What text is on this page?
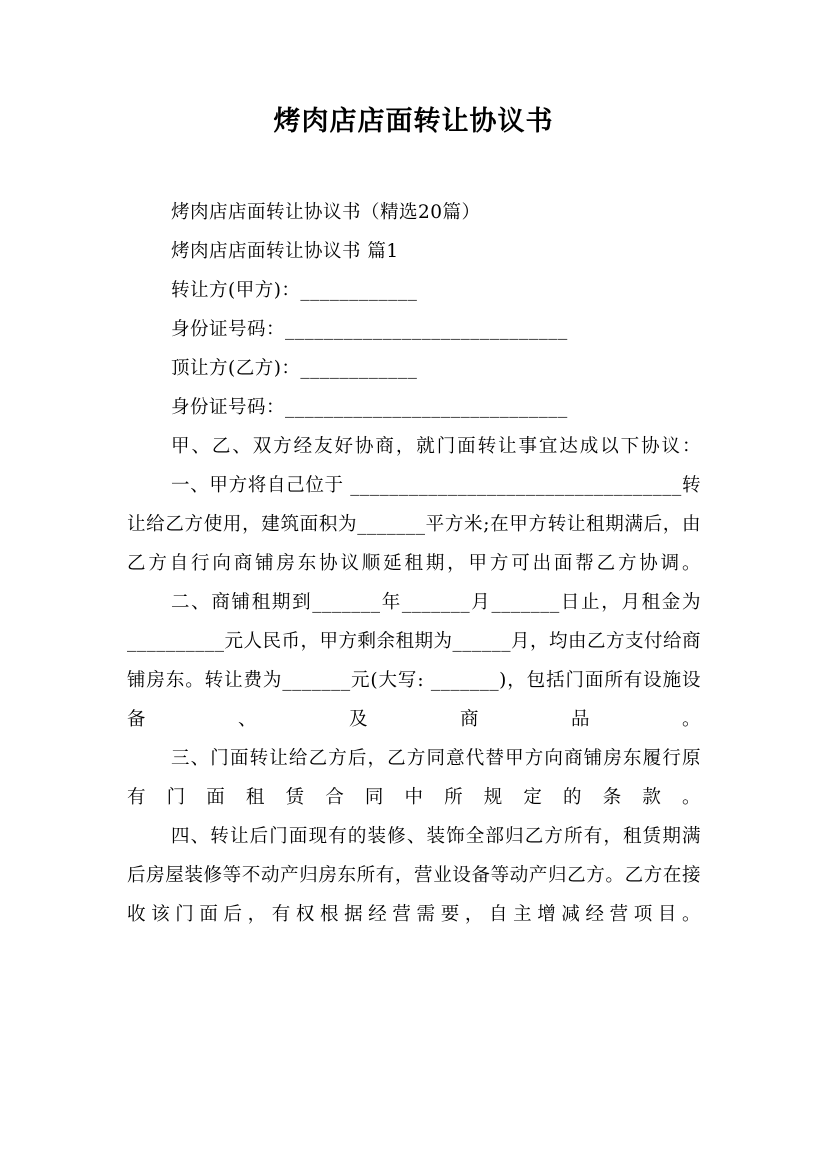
烤肉店店面转让协议书

烤肉店店面转让协议书（精选20篇）

烤肉店店面转让协议书 篇1

转让方(甲方)：____________

身份证号码：_____________________________

顶让方(乙方)：____________

身份证号码：_____________________________

甲、乙、双方经友好协商，就门面转让事宜达成以下协议：

一、甲方将自己位于 __________________________________转让给乙方使用，建筑面积为_______平方米;在甲方转让租期满后，由乙方自行向商铺房东协议顺延租期，甲方可出面帮乙方协调。

二、商铺租期到_______年_______月_______日止，月租金为__________元人民币，甲方剩余租期为______月，均由乙方支付给商铺房东。转让费为_______元(大写: _______)，包括门面所有设施设备、及商品。

三、门面转让给乙方后，乙方同意代替甲方向商铺房东履行原有门面租赁合同中所规定的条款。

四、转让后门面现有的装修、装饰全部归乙方所有，租赁期满后房屋装修等不动产归房东所有，营业设备等动产归乙方。乙方在接收该门面后，有权根据经营需要，自主增减经营项目。
